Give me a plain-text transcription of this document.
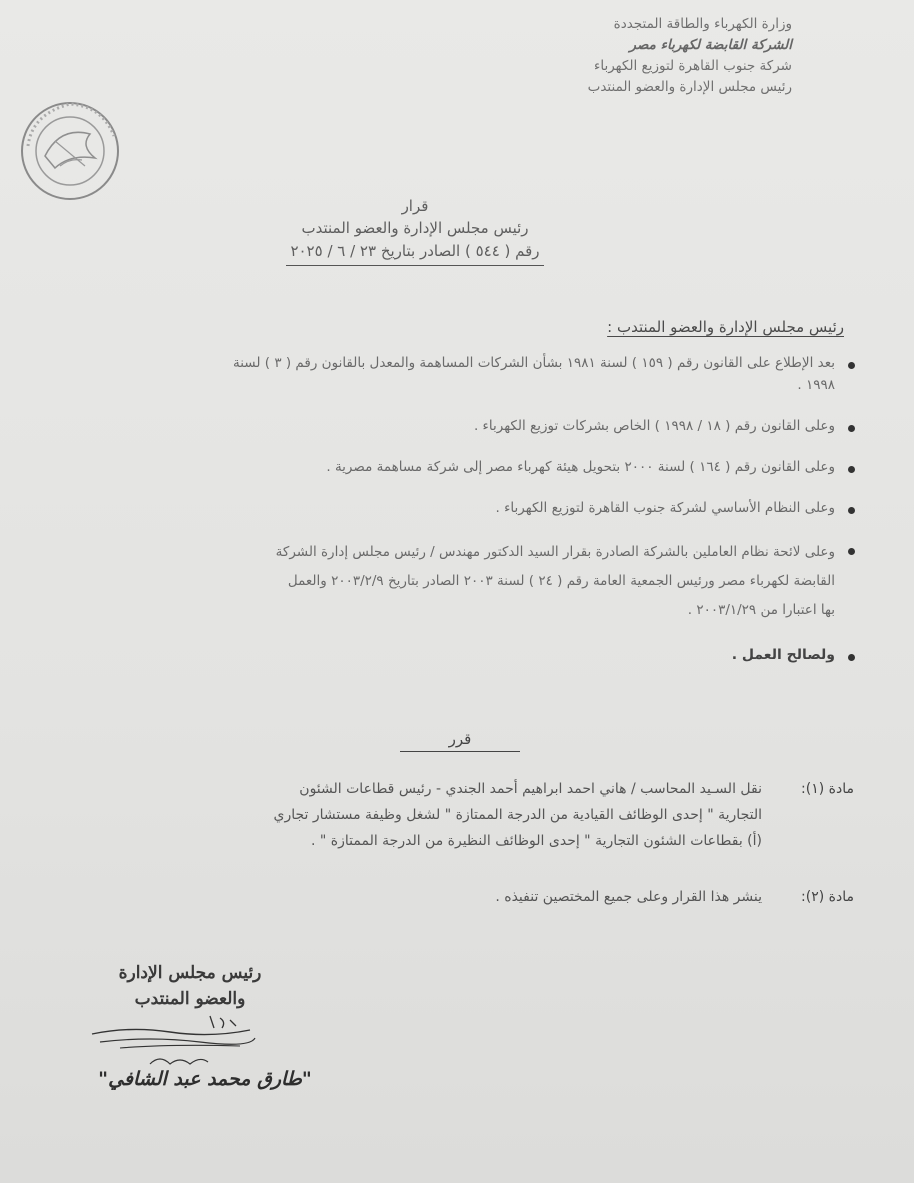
وزارة الكهرباء والطاقة المتجددة
الشركة القابضة لكهرباء مصر
شركة جنوب القاهرة لتوزيع الكهرباء
رئيس مجلس الإدارة والعضو المنتدب
قرار
رئيس مجلس الإدارة والعضو المنتدب
رقم ( ٥٤٤ ) الصادر بتاريخ ٢٣ / ٦ / ٢٠٢٥
رئيس مجلس الإدارة والعضو المنتدب :
بعد الإطلاع على القانون رقم ( ١٥٩ ) لسنة ١٩٨١ بشأن الشركات المساهمة والمعدل بالقانون رقم ( ٣ ) لسنة
١٩٩٨ .
وعلى القانون رقم ( ١٨ / ١٩٩٨ ) الخاص بشركات توزيع الكهرباء .
وعلى القانون رقم ( ١٦٤ ) لسنة ٢٠٠٠ بتحويل هيئة كهرباء مصر إلى شركة مساهمة مصرية .
وعلى النظام الأساسي لشركة جنوب القاهرة لتوزيع الكهرباء .
وعلى لائحة نظام العاملين بالشركة الصادرة بقرار السيد الدكتور مهندس / رئيس مجلس إدارة الشركة
القابضة لكهرباء مصر ورئيس الجمعية العامة رقم ( ٢٤ ) لسنة ٢٠٠٣ الصادر بتاريخ ٢٠٠٣/٢/٩ والعمل
بها اعتبارا من ٢٠٠٣/١/٢٩ .
ولصالح العمل .
قرر
مادة (١):
نقل السـيد المحاسب / هاني احمد ابراهيم أحمد الجندي - رئيس قطاعات الشئون
التجارية " إحدى الوظائف القيادية من الدرجة الممتازة " لشغل وظيفة مستشار تجاري
(أ) بقطاعات الشئون التجارية " إحدى الوظائف النظيرة من الدرجة الممتازة " .
مادة (٢):
ينشر هذا القرار وعلى جميع المختصين تنفيذه .
رئيس مجلس الإدارة
والعضو المنتدب
"طارق محمد عبد الشافي"
